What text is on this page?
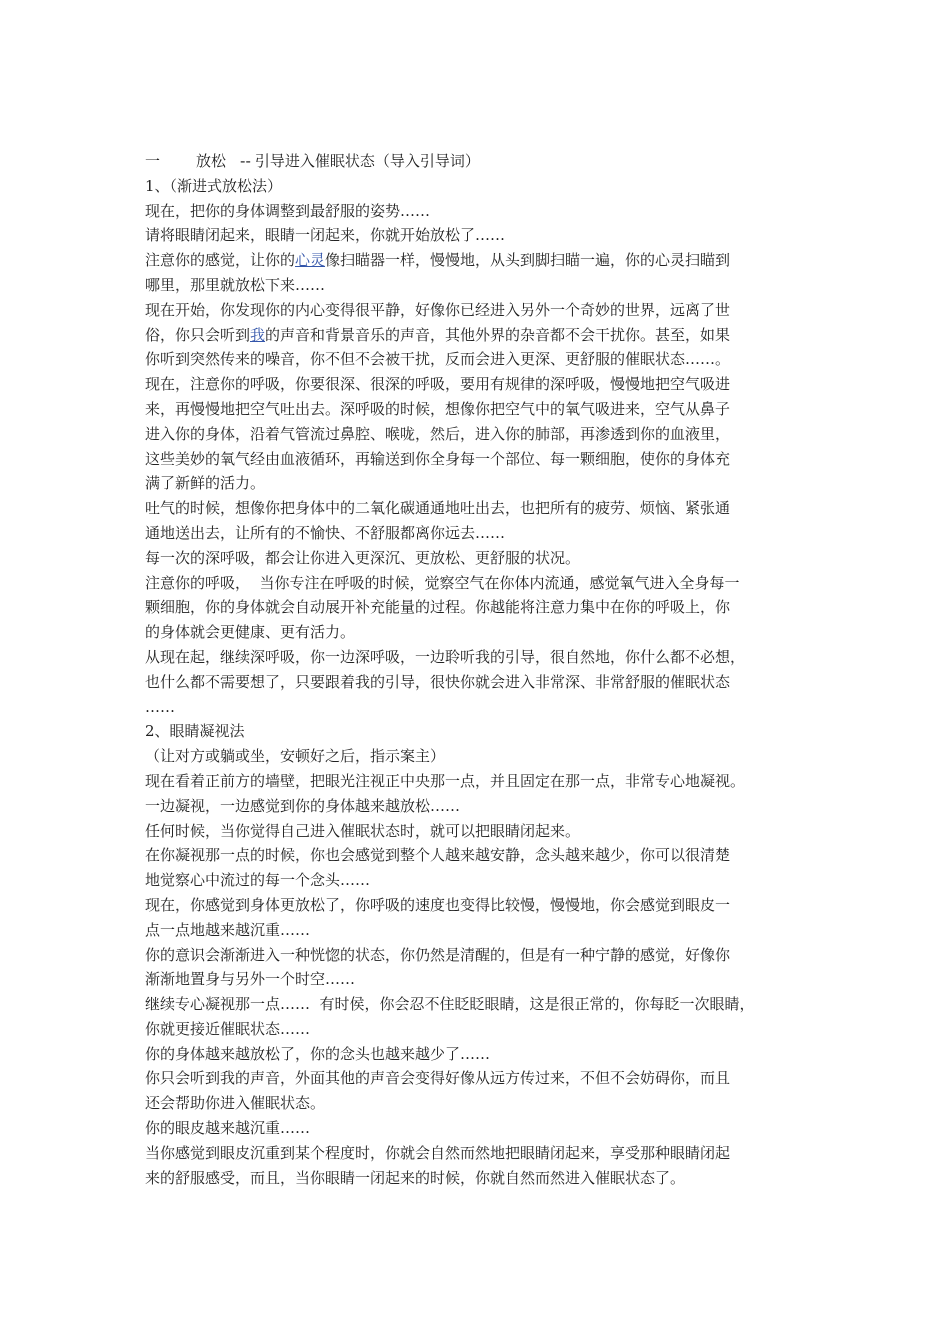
一 放松 -- 引导进入催眠状态（导入引导词）
1、（渐进式放松法）
现在，把你的身体调整到最舒服的姿势……
请将眼睛闭起来，眼睛一闭起来，你就开始放松了……
注意你的感觉，让你的心灵像扫瞄器一样，慢慢地，从头到脚扫瞄一遍，你的心灵扫瞄到
哪里，那里就放松下来……
现在开始，你发现你的内心变得很平静，好像你已经进入另外一个奇妙的世界，远离了世
俗，你只会听到我的声音和背景音乐的声音，其他外界的杂音都不会干扰你。甚至，如果
你听到突然传来的噪音，你不但不会被干扰，反而会进入更深、更舒服的催眠状态……。
现在，注意你的呼吸，你要很深、很深的呼吸，要用有规律的深呼吸，慢慢地把空气吸进
来，再慢慢地把空气吐出去。深呼吸的时候，想像你把空气中的氧气吸进来，空气从鼻子
进入你的身体，沿着气管流过鼻腔、喉咙，然后，进入你的肺部，再渗透到你的血液里，
这些美妙的氧气经由血液循环，再输送到你全身每一个部位、每一颗细胞，使你的身体充
满了新鲜的活力。
吐气的时候，想像你把身体中的二氧化碳通通地吐出去，也把所有的疲劳、烦恼、紧张通
通地送出去，让所有的不愉快、不舒服都离你远去……
每一次的深呼吸，都会让你进入更深沉、更放松、更舒服的状况。
注意你的呼吸，  当你专注在呼吸的时候，觉察空气在你体内流通，感觉氧气进入全身每一
颗细胞，你的身体就会自动展开补充能量的过程。你越能将注意力集中在你的呼吸上，你
的身体就会更健康、更有活力。
从现在起，继续深呼吸，你一边深呼吸，一边聆听我的引导，很自然地，你什么都不必想，
也什么都不需要想了，只要跟着我的引导，很快你就会进入非常深、非常舒服的催眠状态
……
2、眼睛凝视法
（让对方或躺或坐，安顿好之后，指示案主）
现在看着正前方的墙壁，把眼光注视正中央那一点，并且固定在那一点，非常专心地凝视。
一边凝视，一边感觉到你的身体越来越放松……
任何时候，当你觉得自己进入催眠状态时，就可以把眼睛闭起来。
在你凝视那一点的时候，你也会感觉到整个人越来越安静，念头越来越少，你可以很清楚
地觉察心中流过的每一个念头……
现在，你感觉到身体更放松了，你呼吸的速度也变得比较慢，慢慢地，你会感觉到眼皮一
点一点地越来越沉重……
你的意识会渐渐进入一种恍惚的状态，你仍然是清醒的，但是有一种宁静的感觉，好像你
渐渐地置身与另外一个时空……
继续专心凝视那一点……  有时侯，你会忍不住眨眨眼睛，这是很正常的，你每眨一次眼睛，
你就更接近催眠状态……
你的身体越来越放松了，你的念头也越来越少了……
你只会听到我的声音，外面其他的声音会变得好像从远方传过来，不但不会妨碍你，而且
还会帮助你进入催眠状态。
你的眼皮越来越沉重……
当你感觉到眼皮沉重到某个程度时，你就会自然而然地把眼睛闭起来，享受那种眼睛闭起
来的舒服感受，而且，当你眼睛一闭起来的时候，你就自然而然进入催眠状态了。
